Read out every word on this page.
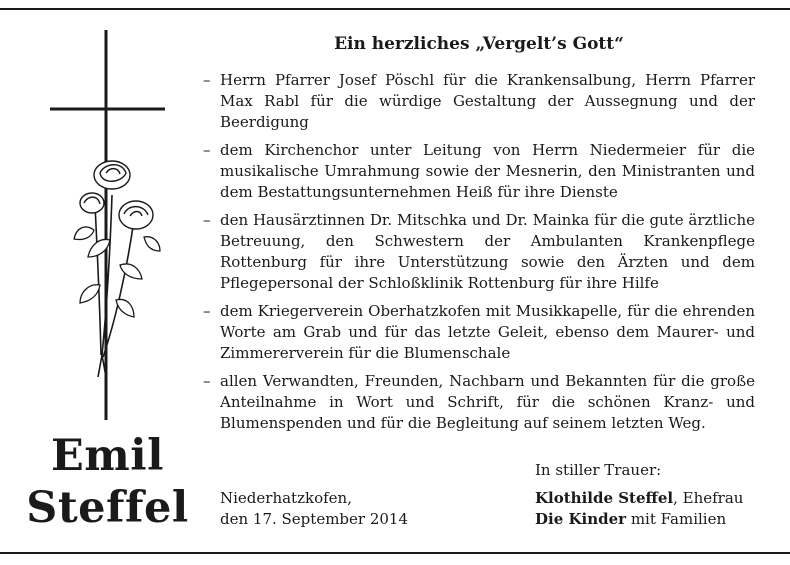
Emil
Steffel
Ein herzliches „Vergelt’s Gott“
– Herrn Pfarrer Josef Pöschl für die Krankensalbung, Herrn Pfarrer Max Rabl für die würdige Gestaltung der Aussegnung und der Beerdigung
– dem Kirchenchor unter Leitung von Herrn Niedermeier für die musikalische Umrahmung sowie der Mesnerin, den Ministranten und dem Bestattungsunternehmen Heiß für ihre Dienste
– den Hausärztinnen Dr. Mitschka und Dr. Mainka für die gute ärztliche Betreuung, den Schwestern der Ambulanten Krankenpflege Rottenburg für ihre Unterstützung sowie den Ärzten und dem Pflegepersonal der Schloßklinik Rottenburg für ihre Hilfe
– dem Kriegerverein Oberhatzkofen mit Musikkapelle, für die ehrenden Worte am Grab und für das letzte Geleit, ebenso dem Maurer- und Zimmererverein für die Blumenschale
– allen Verwandten, Freunden, Nachbarn und Bekannten für die große Anteilnahme in Wort und Schrift, für die schönen Kranz- und Blumenspenden und für die Begleitung auf seinem letzten Weg.
Niederhatzkofen,
den 17. September 2014
In stiller Trauer:
Klothilde Steffel, Ehefrau
Die Kinder mit Familien
